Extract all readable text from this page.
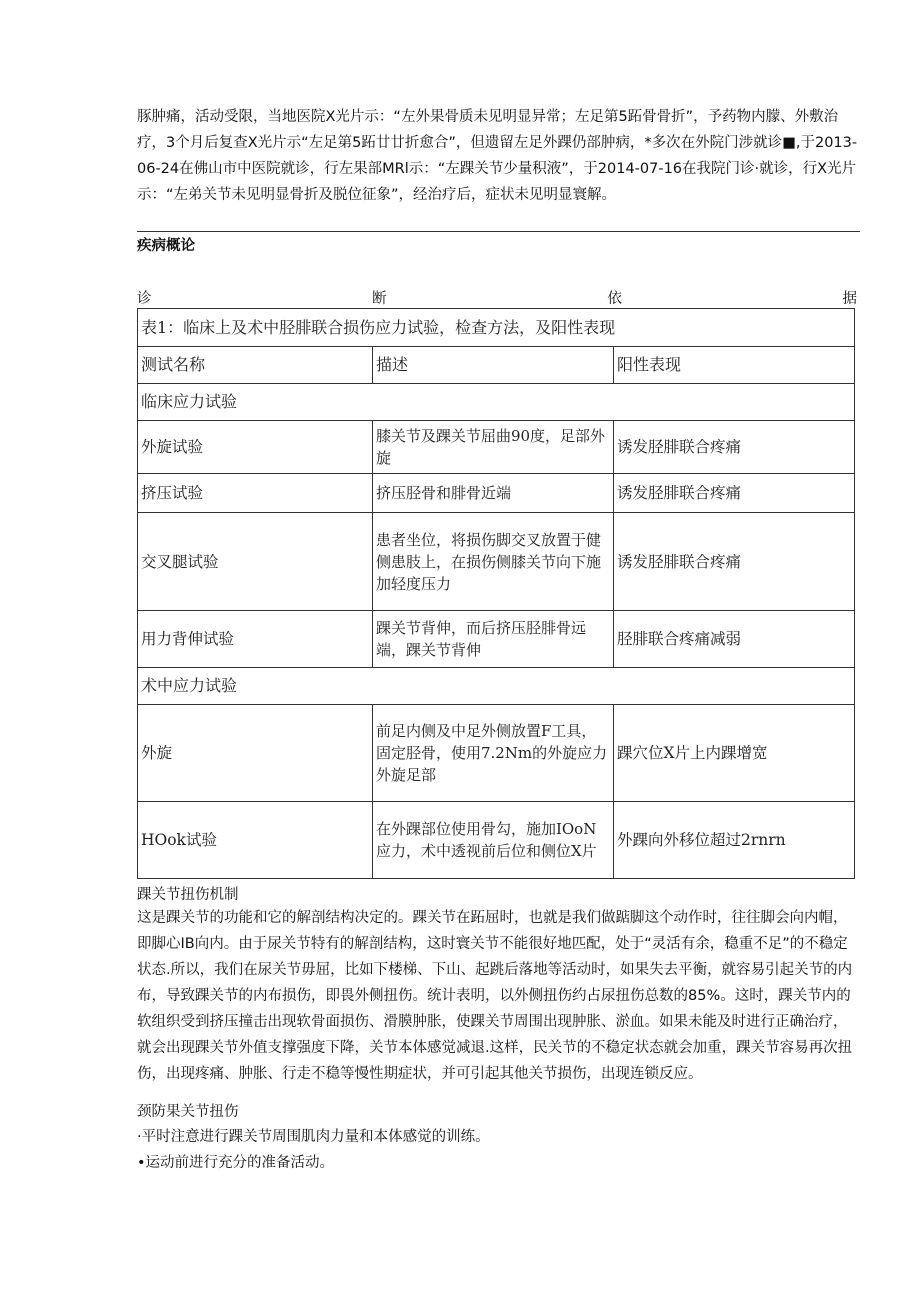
豚肿痛，活动受限，当地医院X光片示：“左外果骨质未见明显异常；左足第5跖骨骨折”，予药物内朦、外敷治疗，3个月后复查X光片示“左足第5跖廿廿折愈合”，但遗留左足外踝仍部肿病，*多次在外院门涉就诊■,于2013-06-24在佛山市中医院就诊，行左果部MRl示：“左踝关节少量积液”，于2014-07-16在我院门诊·就诊，行X光片示：“左弟关节未见明显骨折及脱位征象”，经治疗后，症状未见明显寰解。

疾病概论

诊	断	依	据
表1：临床上及术中胫腓联合损伤应力试验，检查方法，及阳性表现		
测试名称	描述	阳性表现
临床应力试验		
外旋试验	膝关节及踝关节屈曲90度，足部外旋	诱发胫腓联合疼痛
挤压试验	挤压胫骨和腓骨近端	诱发胫腓联合疼痛
交叉腿试验	患者坐位，将损伤脚交叉放置于健侧患肢上，在损伤侧膝关节向下施加轻度压力	诱发胫腓联合疼痛
用力背伸试验	踝关节背伸，而后挤压胫腓骨远端，踝关节背伸	胫腓联合疼痛减弱
术中应力试验		
外旋	前足内侧及中足外侧放置F工具，固定胫骨，使用7.2Nm的外旋应力外旋足部	踝穴位X片上内踝增宽
HOok试验	在外踝部位使用骨勾，施加IOoN应力，术中透视前后位和侧位X片	外踝向外移位超过2rnrn

踝关节扭伤机制

这是踝关节的功能和它的解剖结构决定的。踝关节在跖屈时，也就是我们做踮脚这个动作时，往往脚会向内帽，即脚心IB向内。由于尿关节特有的解剖结构，这时寰关节不能很好地匹配，处于“灵活有余，稳重不足”的不稳定状态.所以，我们在尿关节毋屈，比如下楼梯、下山、起跳后落地等活动时，如果失去平衡，就容易引起关节的内布，导致踝关节的内布损伤，即畏外侧扭伤。统计表明，以外侧扭伤约占尿扭伤总数的85%。这时，踝关节内的软组织受到挤压撞击出现软骨面损伤、滑膜肿胀，使踝关节周围出现肿胀、淤血。如果未能及时进行正确治疗，就会出现踝关节外值支撑强度下降，关节本体感觉减退.这样，民关节的不稳定状态就会加重，踝关节容易再次扭伤，出现疼痛、肿胀、行走不稳等慢性期症状，并可引起其他关节损伤，出现连锁反应。

颈防果关节扭伤

·平时注意进行踝关节周围肌肉力量和本体感觉的训练。
•运动前进行充分的准备活动。
